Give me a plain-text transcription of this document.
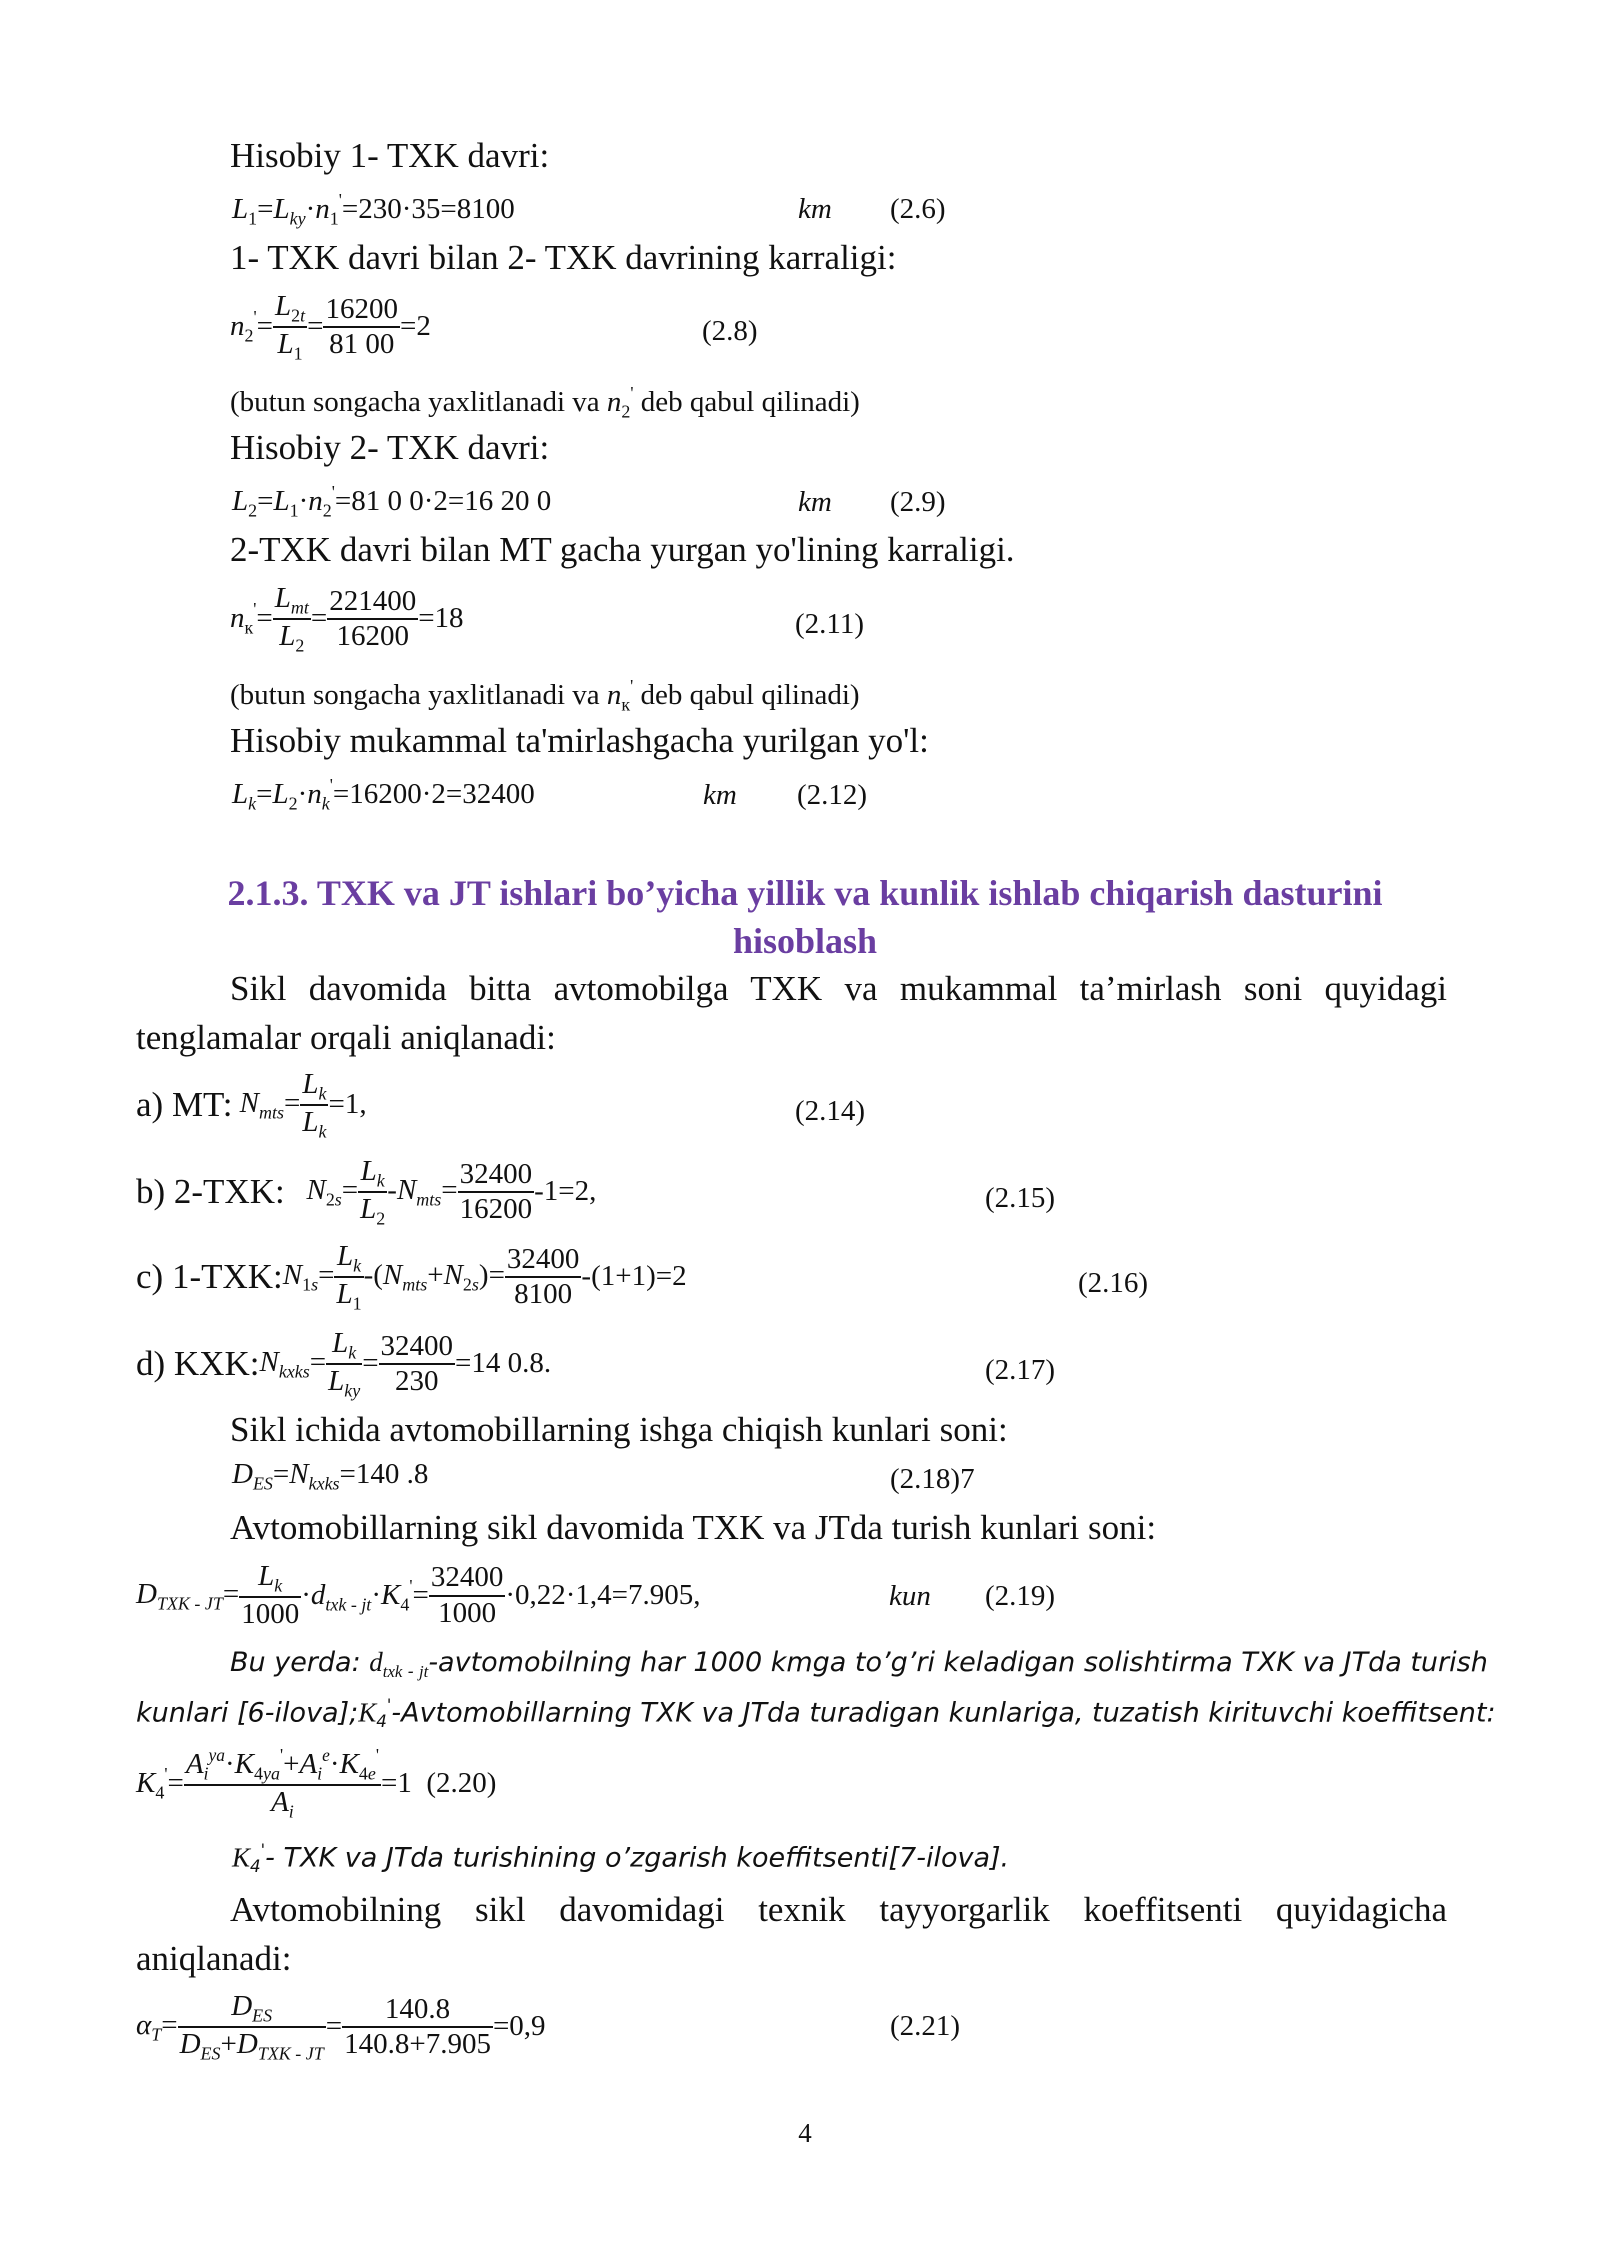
Hisobiy 1- TXK davri:
$L_1=L_{ky}\cdot n_1'=230\cdot 35=8100$	km (2.6)
1- TXK davri bilan 2- TXK davrining karraligi:
$n_2'= \frac{L_{2t}}{L_1} = \frac{16200}{81 00} =2$	(2.8)
(butun songacha yaxlitlanadi va $n_2'$ deb qabul qilinadi)
Hisobiy 2- TXK davri:
$L_2=L_1\cdot n_2'=81$ 0 0·2=16 20 0	km (2.9)
2-TXK davri bilan MT gacha yurgan yo'lining karraligi.
$n_к'= \frac{L_{mt}}{L_2} = \frac{221400}{16200} =18$	(2.11)
(butun songacha yaxlitlanadi va $n_к'$ deb qabul qilinadi)
Hisobiy mukammal ta'mirlashgacha yurilgan yo'l:
$L_k=L_2\cdot n_k'=16200\cdot 2=32400$	km (2.12)
2.1.3. TXK va JT ishlari bo’yicha yillik va kunlik ishlab chiqarish dasturini
hisoblash
Sikl davomida bitta avtomobilga TXK va mukammal ta’mirlash soni quyidagi
tenglamalar orqali aniqlanadi:
a) MT: $N_{mts}= \frac{L_k}{L_k} =1$,	(2.14)
b) 2-TXK: $N_{2s}= \frac{L_k}{L_2} -N_{mts}= \frac{32400}{16200} -1=2$,	(2.15)
c) 1-TXK: $N_{1s}= \frac{L_k}{L_1} -(N_{mts}+N_{2s})= \frac{32400}{8100} -(1+1)=2$	(2.16)
d) KXK: $N_{kxks}= \frac{L_k}{L_{ky}} = \frac{32400}{230} =14$ 0.8.	(2.17)
Sikl ichida avtomobillarning ishga chiqish kunlari soni:
$D_{ES}=N_{kxks}=140$ .8	(2.18)7
Avtomobillarning sikl davomida TXK va JTda turish kunlari soni:
$D_{TXK - JT}= \frac{L_k}{1000} \cdot d_{txk - jt}\cdot K_4'= \frac{32400}{1000} \cdot 0,22\cdot 1,4=7.905$,	kun (2.19)
Bu yerda: $d_{txk - jt}$-avtomobilning har 1000 kmga to’g’ri keladigan solishtirma TXK va JTda turish
kunlari $[6-ilova];K_4'$-Avtomobillarning TXK va JTda turadigan kunlariga, tuzatish kirituvchi koeffitsent:
$K_4'= \frac{A_i^{ya}\cdot K_{4ya}'+A_i^e\cdot K_{4e}'}{A_i} =1$
(2.20)
$K_4'-$ TXK va JTda turishining o’zgarish koeffitsenti[7-ilova].
Avtomobilning sikl davomidagi texnik tayyorgarlik koeffitsenti quyidagicha
aniqlanadi:
$\alpha_T= \frac{D_{ES}}{D_{ES}+D_{TXK - JT}} = \frac{140.8}{140.8+7.905} =0,9$	(2.21)
4
